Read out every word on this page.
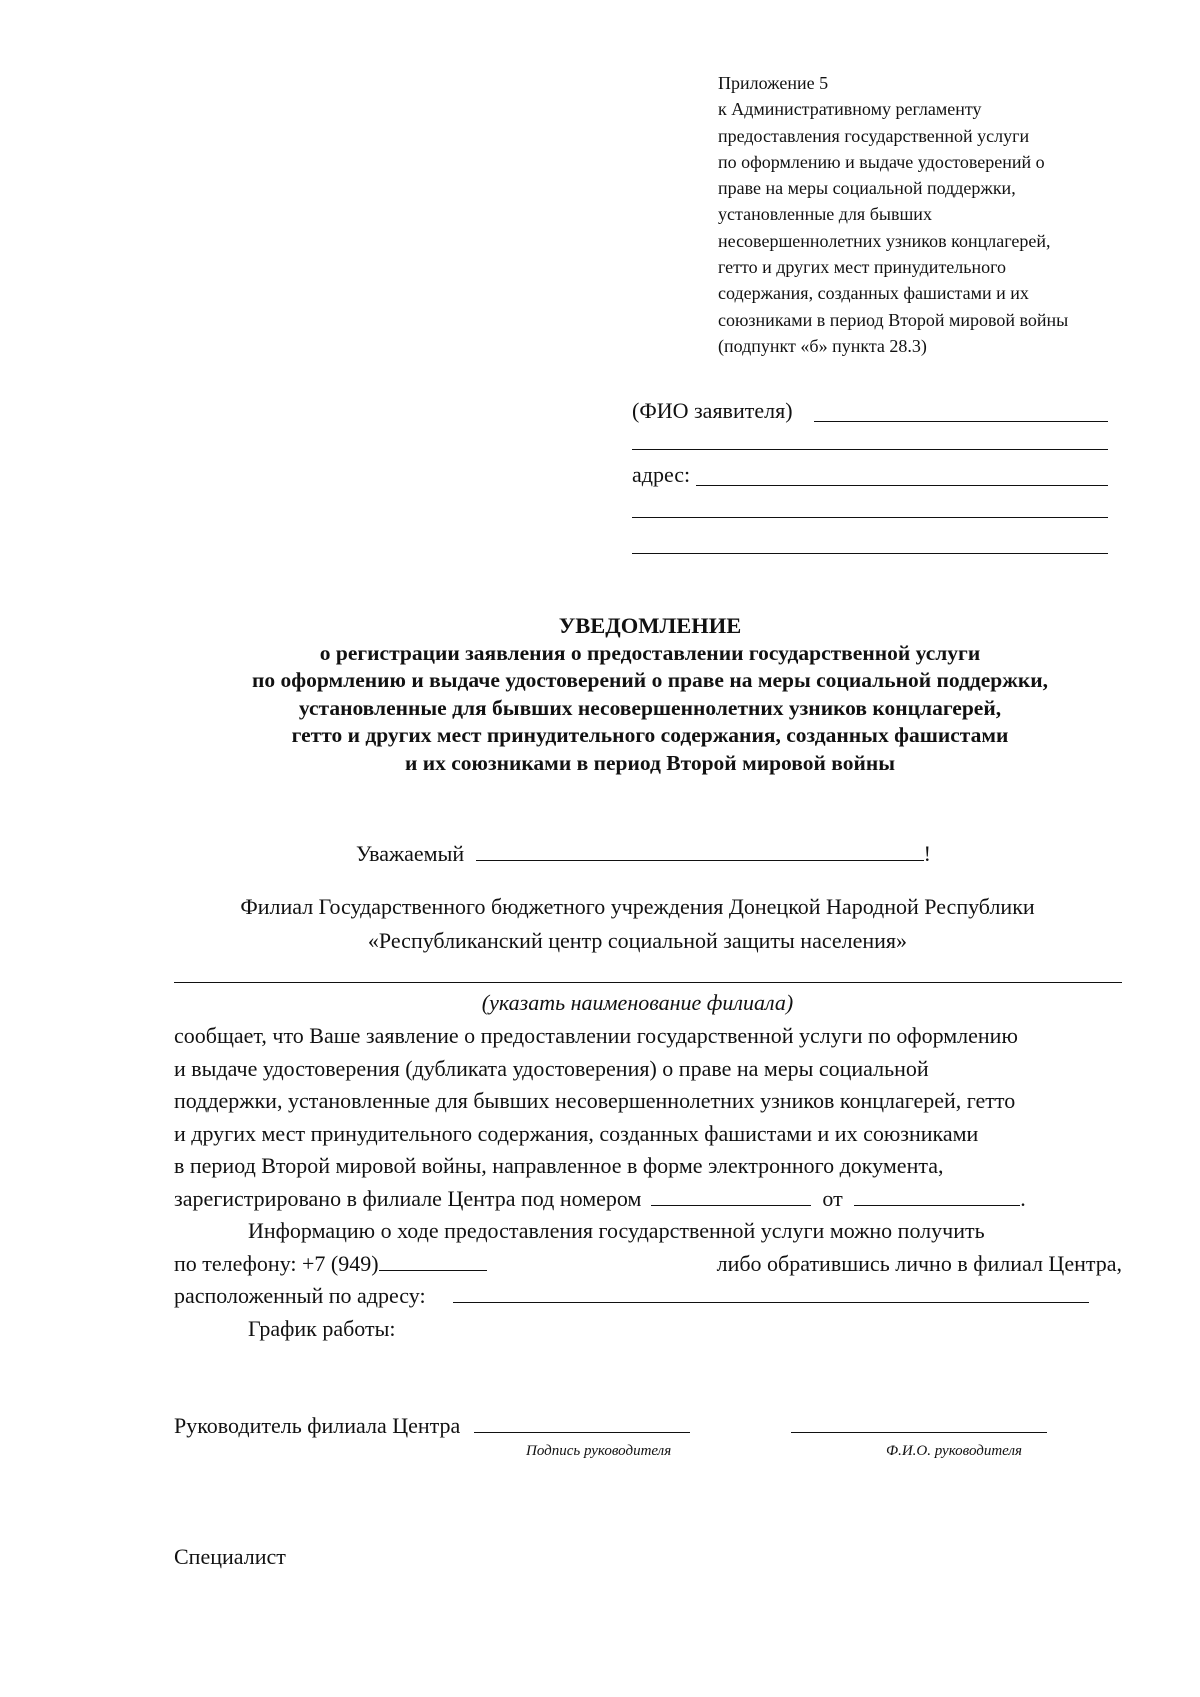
Приложение 5
к Административному регламенту
предоставления государственной услуги
по оформлению и выдаче удостоверений о
праве на меры социальной поддержки,
установленные для бывших
несовершеннолетних узников концлагерей,
гетто и других мест принудительного
содержания, созданных фашистами и их
союзниками в период Второй мировой войны
(подпункт «б» пункта 28.3)
(ФИО заявителя)
адрес:
УВЕДОМЛЕНИЕ
о регистрации заявления о предоставлении государственной услуги
по оформлению и выдаче удостоверений о праве на меры социальной поддержки,
установленные для бывших несовершеннолетних узников концлагерей,
гетто и других мест принудительного содержания, созданных фашистами
и их союзниками в период Второй мировой войны
Уважаемый	!
Филиал Государственного бюджетного учреждения Донецкой Народной Республики
«Республиканский центр социальной защиты населения»
(указать наименование филиала)
сообщает, что Ваше заявление о предоставлении государственной услуги по оформлению
и выдаче удостоверения (дубликата удостоверения) о праве на меры социальной
поддержки, установленные для бывших несовершеннолетних узников концлагерей, гетто
и других мест принудительного содержания, созданных фашистами и их союзниками
в период Второй мировой войны, направленное в форме электронного документа,
зарегистрировано в филиале Центра под номером	от	.
Информацию о ходе предоставления государственной услуги можно получить
по телефону: +7 (949)	либо обратившись лично в филиал Центра,
расположенный по адресу:
График работы:
Руководитель филиала Центра
Подпись руководителя	Ф.И.О. руководителя
Специалист
